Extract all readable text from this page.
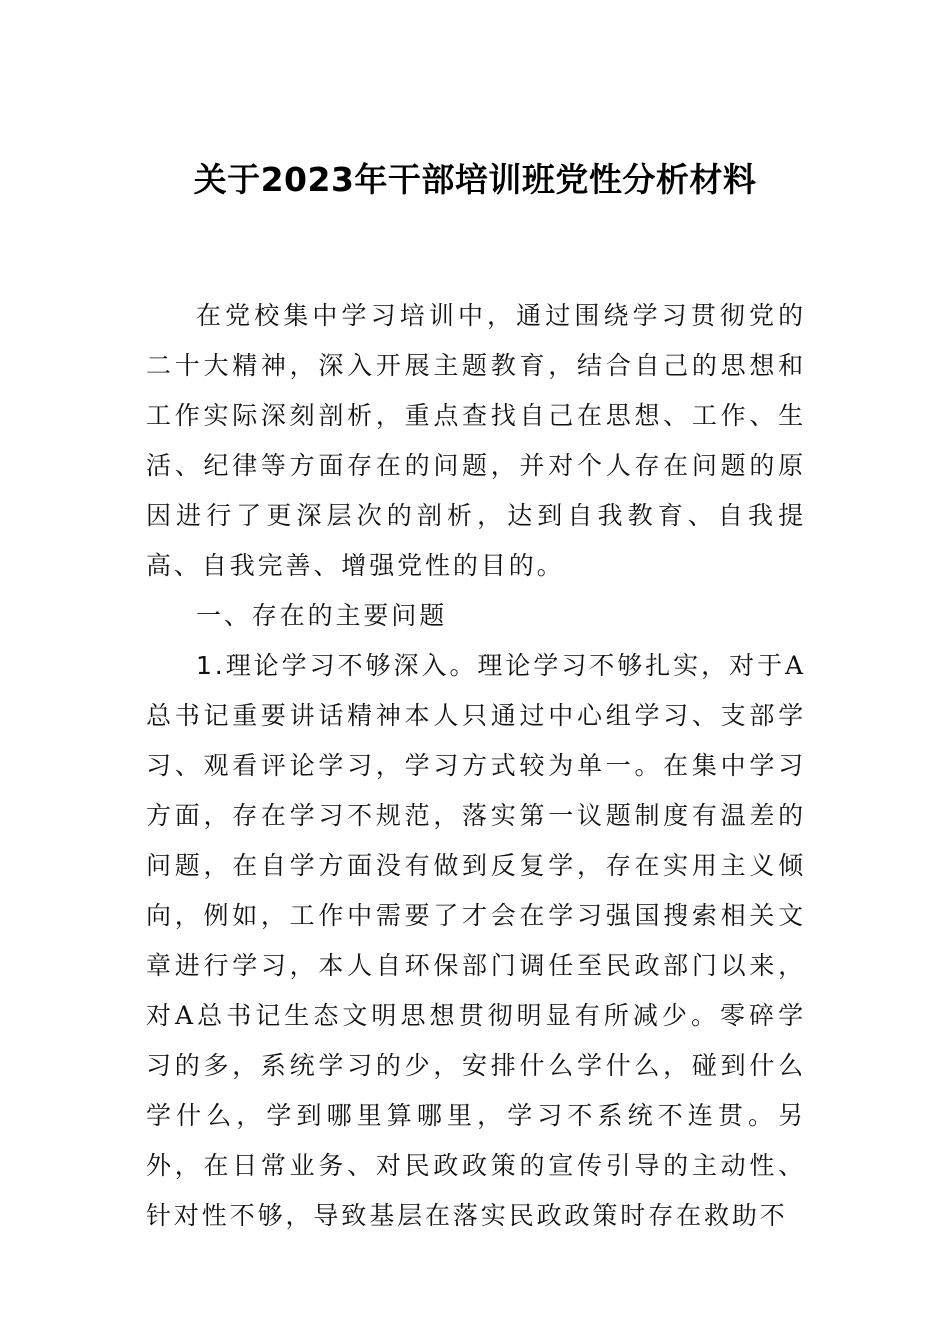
关于2023年干部培训班党性分析材料

在党校集中学习培训中，通过围绕学习贯彻党的二十大精神，深入开展主题教育，结合自己的思想和工作实际深刻剖析，重点查找自己在思想、工作、生活、纪律等方面存在的问题，并对个人存在问题的原因进行了更深层次的剖析，达到自我教育、自我提高、自我完善、增强党性的目的。

一、存在的主要问题

1.理论学习不够深入。理论学习不够扎实，对于A总书记重要讲话精神本人只通过中心组学习、支部学习、观看评论学习，学习方式较为单一。在集中学习方面，存在学习不规范，落实第一议题制度有温差的问题，在自学方面没有做到反复学，存在实用主义倾向，例如，工作中需要了才会在学习强国搜索相关文章进行学习，本人自环保部门调任至民政部门以来，对A总书记生态文明思想贯彻明显有所减少。零碎学习的多，系统学习的少，安排什么学什么，碰到什么学什么，学到哪里算哪里，学习不系统不连贯。另外，在日常业务、对民政政策的宣传引导的主动性、针对性不够，导致基层在落实民政政策时存在救助不
